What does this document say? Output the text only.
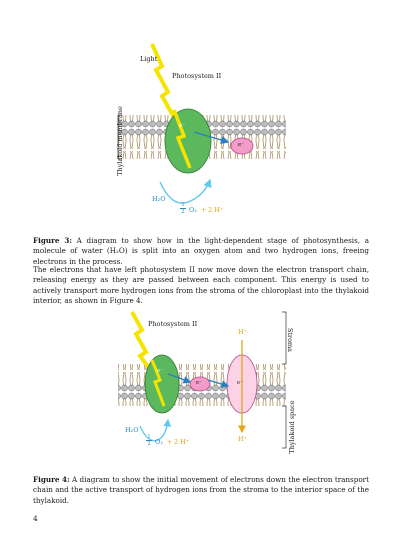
Light
Photosystem II
Thylakoid membrane	e⁻
e⁻
H₂O
$\frac{1}{2} O_2 + 2$ H⁺
Figure 3: A diagram to show how in the light-dependent stage of photosynthesis, a molecule of water (H₂O) is split into an oxygen atom and two hydrogen ions, freeing electrons in the process.
The electrons that have left photosystem II now move down the electron transport chain, releasing energy as they are passed between each component. This energy is used to actively transport more hydrogen ions from the stroma of the chloroplast into the thylakoid interior, as shown in Figure 4.
Photosystem II
H⁺	Stroma
e⁻
e⁻	e⁻
H₂O
$\frac{1}{2} O_2 + 2$ H⁺	H⁺	Thylakoid space
Figure 4: A diagram to show the initial movement of electrons down the electron transport chain and the active transport of hydrogen ions from the stroma to the interior space of the thylakoid.
4
